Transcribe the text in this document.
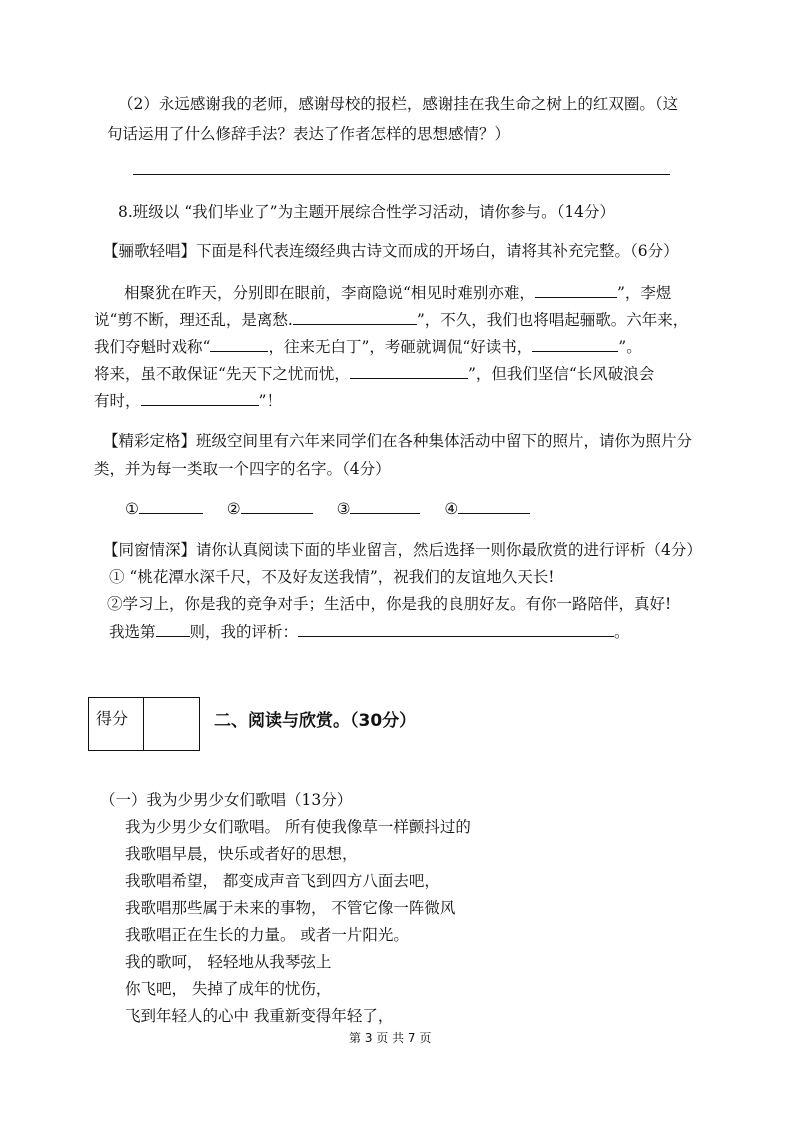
（2）永远感谢我的老师，感谢母校的报栏，感谢挂在我生命之树上的红双圈。（这
句话运用了什么修辞手法？表达了作者怎样的思想感情？）
8.班级以 “我们毕业了”为主题开展综合性学习活动，请你参与。（14分）
【骊歌轻唱】下面是科代表连缀经典古诗文而成的开场白，请将其补充完整。（6分）
相聚犹在昨天，分别即在眼前，李商隐说“相见时难别亦难，	”，李煜
说“剪不断，理还乱，是离愁.	”，不久，我们也将唱起骊歌。六年来，
我们夺魁时戏称“	，往来无白丁”，考砸就调侃“好读书，	”。
将来，虽不敢保证“先天下之忧而忧，	”，但我们坚信“长风破浪会
有时，	”！
【精彩定格】班级空间里有六年来同学们在各种集体活动中留下的照片，请你为照片分
类，并为每一类取一个四字的名字。（4分）
①	②	③	④
【同窗情深】请你认真阅读下面的毕业留言，然后选择一则你最欣赏的进行评析（4分）
① “桃花潭水深千尺，不及好友送我情”，祝我们的友谊地久天长!
②学习上，你是我的竞争对手；生活中，你是我的良朋好友。有你一路陪伴，真好!
我选第 则，我的评析：	。
得分	二、阅读与欣赏。（30分）
（一）我为少男少女们歌唱（13分）
我为少男少女们歌唱。 所有使我像草一样颤抖过的
我歌唱早晨，快乐或者好的思想，
我歌唱希望， 都变成声音飞到四方八面去吧，
我歌唱那些属于未来的事物， 不管它像一阵微风
我歌唱正在生长的力量。 或者一片阳光。
我的歌呵， 轻轻地从我琴弦上
你飞吧， 失掉了成年的忧伤，
飞到年轻人的心中 我重新变得年轻了，
第 3 页 共 7 页
